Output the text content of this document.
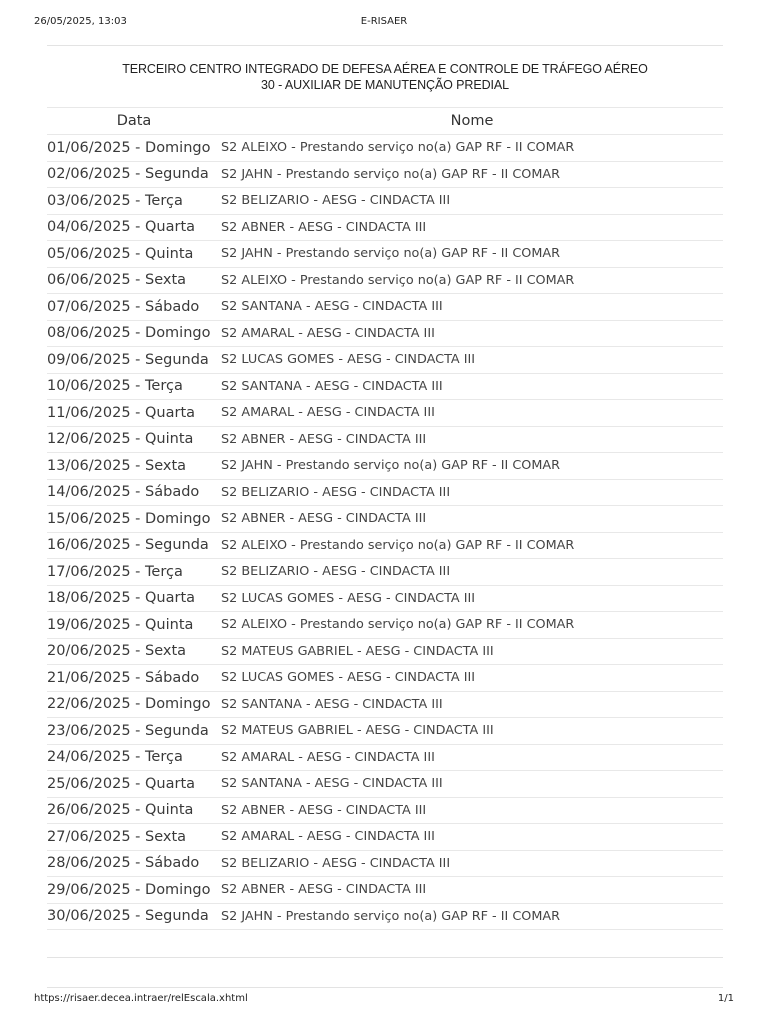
26/05/2025, 13:03	E-RISAER
TERCEIRO CENTRO INTEGRADO DE DEFESA AÉREA E CONTROLE DE TRÁFEGO AÉREO
30 - AUXILIAR DE MANUTENÇÃO PREDIAL
Data	Nome
01/06/2025 - Domingo	S2 ALEIXO - Prestando serviço no(a) GAP RF - II COMAR
02/06/2025 - Segunda	S2 JAHN - Prestando serviço no(a) GAP RF - II COMAR
03/06/2025 - Terça	S2 BELIZARIO - AESG - CINDACTA III
04/06/2025 - Quarta	S2 ABNER - AESG - CINDACTA III
05/06/2025 - Quinta	S2 JAHN - Prestando serviço no(a) GAP RF - II COMAR
06/06/2025 - Sexta	S2 ALEIXO - Prestando serviço no(a) GAP RF - II COMAR
07/06/2025 - Sábado	S2 SANTANA - AESG - CINDACTA III
08/06/2025 - Domingo	S2 AMARAL - AESG - CINDACTA III
09/06/2025 - Segunda	S2 LUCAS GOMES - AESG - CINDACTA III
10/06/2025 - Terça	S2 SANTANA - AESG - CINDACTA III
11/06/2025 - Quarta	S2 AMARAL - AESG - CINDACTA III
12/06/2025 - Quinta	S2 ABNER - AESG - CINDACTA III
13/06/2025 - Sexta	S2 JAHN - Prestando serviço no(a) GAP RF - II COMAR
14/06/2025 - Sábado	S2 BELIZARIO - AESG - CINDACTA III
15/06/2025 - Domingo	S2 ABNER - AESG - CINDACTA III
16/06/2025 - Segunda	S2 ALEIXO - Prestando serviço no(a) GAP RF - II COMAR
17/06/2025 - Terça	S2 BELIZARIO - AESG - CINDACTA III
18/06/2025 - Quarta	S2 LUCAS GOMES - AESG - CINDACTA III
19/06/2025 - Quinta	S2 ALEIXO - Prestando serviço no(a) GAP RF - II COMAR
20/06/2025 - Sexta	S2 MATEUS GABRIEL - AESG - CINDACTA III
21/06/2025 - Sábado	S2 LUCAS GOMES - AESG - CINDACTA III
22/06/2025 - Domingo	S2 SANTANA - AESG - CINDACTA III
23/06/2025 - Segunda	S2 MATEUS GABRIEL - AESG - CINDACTA III
24/06/2025 - Terça	S2 AMARAL - AESG - CINDACTA III
25/06/2025 - Quarta	S2 SANTANA - AESG - CINDACTA III
26/06/2025 - Quinta	S2 ABNER - AESG - CINDACTA III
27/06/2025 - Sexta	S2 AMARAL - AESG - CINDACTA III
28/06/2025 - Sábado	S2 BELIZARIO - AESG - CINDACTA III
29/06/2025 - Domingo	S2 ABNER - AESG - CINDACTA III
30/06/2025 - Segunda	S2 JAHN - Prestando serviço no(a) GAP RF - II COMAR
https://risaer.decea.intraer/relEscala.xhtml	1/1
